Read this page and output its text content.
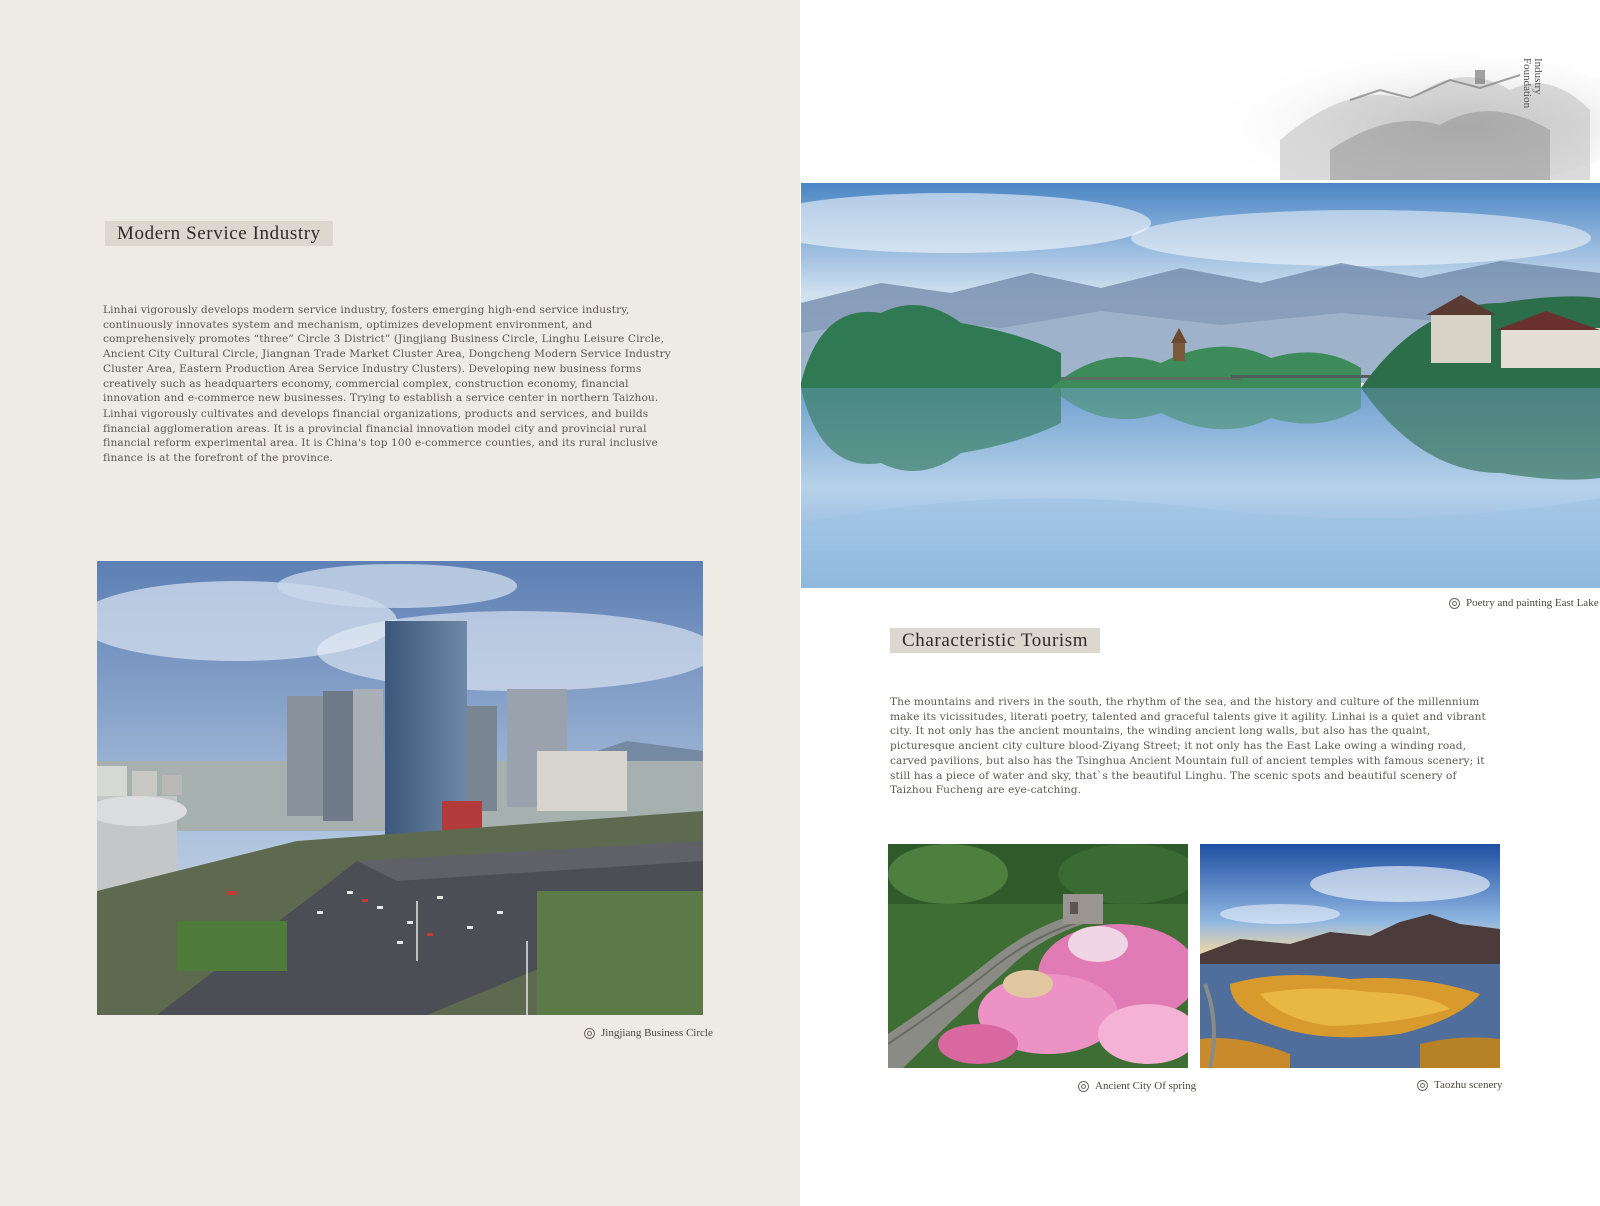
Modern Service Industry

Linhai vigorously develops modern service industry, fosters emerging high-end service industry, continuously innovates system and mechanism, optimizes development environment, and comprehensively promotes “three” Circle 3 District” (Jingjiang Business Circle, Linghu Leisure Circle, Ancient City Cultural Circle, Jiangnan Trade Market Cluster Area, Dongcheng Modern Service Industry Cluster Area, Eastern Production Area Service Industry Clusters). Developing new business forms creatively such as headquarters economy, commercial complex, construction economy, financial innovation and e-commerce new businesses. Trying to establish a service center in northern Taizhou.

Linhai vigorously cultivates and develops financial organizations, products and services, and builds financial agglomeration areas. It is a provincial financial innovation model city and provincial rural financial reform experimental area. It is China's top 100 e-commerce counties, and its rural inclusive finance is at the forefront of the province.

Jingjiang Business Circle
Industry
Foundation
Poetry and painting East Lake
Characteristic Tourism

The mountains and rivers in the south, the rhythm of the sea, and the history and culture of the millennium make its vicissitudes, literati poetry, talented and graceful talents give it agility. Linhai is a quiet and vibrant city. It not only has the ancient mountains, the winding ancient long walls, but also has the quaint, picturesque ancient city culture blood-Ziyang Street; it not only has the East Lake owing a winding road, carved pavilions, but also has the Tsinghua Ancient Mountain full of ancient temples with famous scenery; it still has a piece of water and sky, that`s the beautiful Linghu. The scenic spots and beautiful scenery of Taizhou Fucheng are eye-catching.

Ancient City Of spring	Taozhu scenery
